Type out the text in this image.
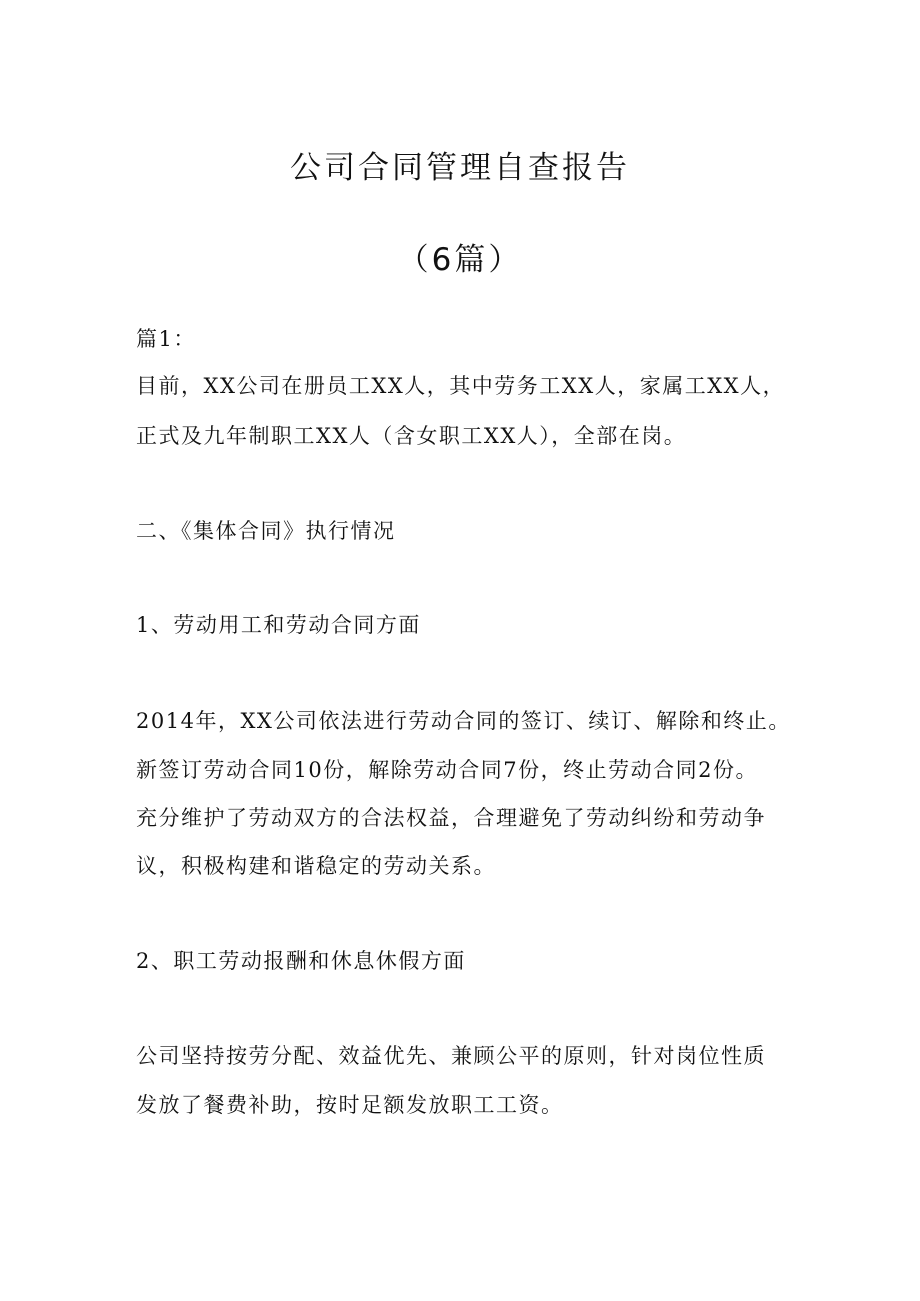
公司合同管理自查报告
（6篇）
篇1：
目前，XX公司在册员工XX人，其中劳务工XX人，家属工XX人，
正式及九年制职工XX人（含女职工XX人），全部在岗。
二、《集体合同》执行情况
1、劳动用工和劳动合同方面
2014年，XX公司依法进行劳动合同的签订、续订、解除和终止。
新签订劳动合同10份，解除劳动合同7份，终止劳动合同2份。
充分维护了劳动双方的合法权益，合理避免了劳动纠纷和劳动争
议，积极构建和谐稳定的劳动关系。
2、职工劳动报酬和休息休假方面
公司坚持按劳分配、效益优先、兼顾公平的原则，针对岗位性质
发放了餐费补助，按时足额发放职工工资。
